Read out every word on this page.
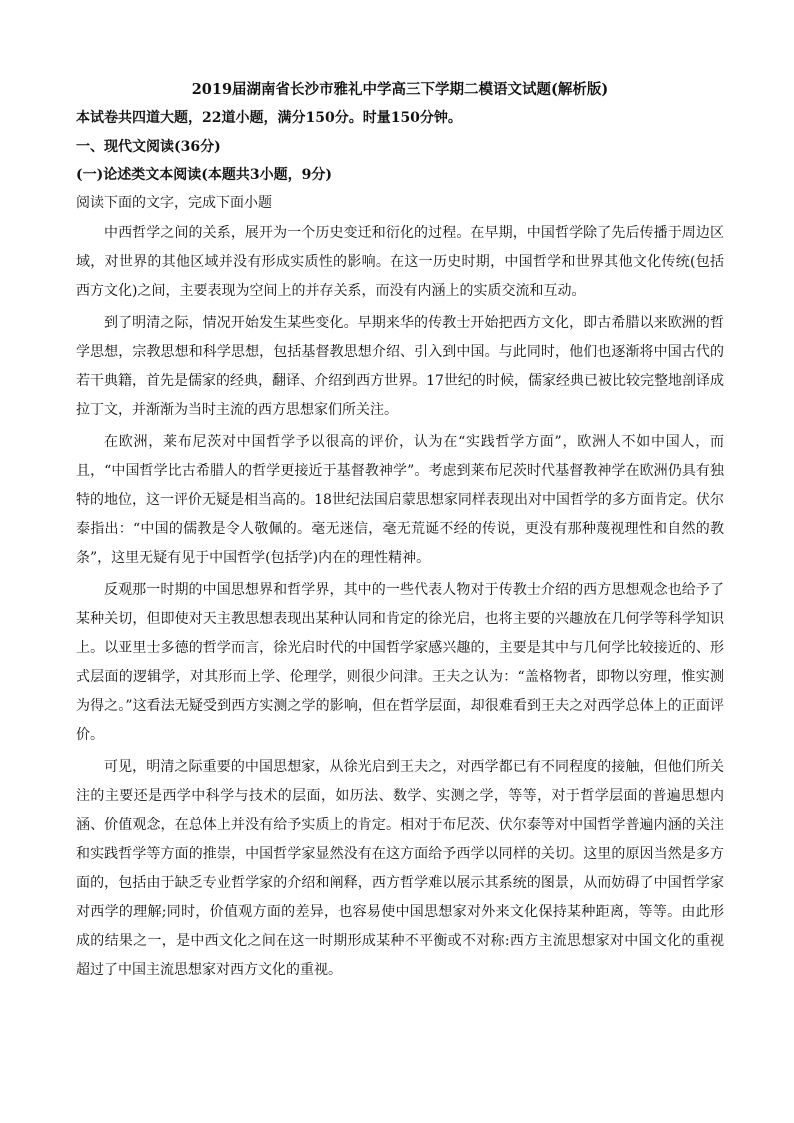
2019届湖南省长沙市雅礼中学高三下学期二模语文试题(解析版)
本试卷共四道大题，22道小题，满分150分。时量150分钟。
一、现代文阅读(36分)
(一)论述类文本阅读(本题共3小题，9分)
阅读下面的文字，完成下面小题

中西哲学之间的关系，展开为一个历史变迁和衍化的过程。在早期，中国哲学除了先后传播于周边区域，对世界的其他区域并没有形成实质性的影响。在这一历史时期，中国哲学和世界其他文化传统(包括西方文化)之间，主要表现为空间上的并存关系，而没有内涵上的实质交流和互动。

到了明清之际，情况开始发生某些变化。早期来华的传教士开始把西方文化，即古希腊以来欧洲的哲学思想，宗教思想和科学思想，包括基督教思想介绍、引入到中国。与此同时，他们也逐渐将中国古代的若干典籍，首先是儒家的经典，翻译、介绍到西方世界。17世纪的时候，儒家经典已被比较完整地剖译成拉丁文，并渐渐为当时主流的西方思想家们所关注。

在欧洲，莱布尼茨对中国哲学予以很高的评价，认为在“实践哲学方面”，欧洲人不如中国人，而且，“中国哲学比古希腊人的哲学更接近于基督教神学”。考虑到莱布尼茨时代基督教神学在欧洲仍具有独特的地位，这一评价无疑是相当高的。18世纪法国启蒙思想家同样表现出对中国哲学的多方面肯定。伏尔泰指出：“中国的儒教是令人敬佩的。毫无迷信，毫无荒诞不经的传说，更没有那种蔑视理性和自然的教条”，这里无疑有见于中国哲学(包括学)内在的理性精神。

反观那一时期的中国思想界和哲学界，其中的一些代表人物对于传教士介绍的西方思想观念也给予了某种关切，但即使对天主教思想表现出某种认同和肯定的徐光启，也将主要的兴趣放在几何学等科学知识上。以亚里士多德的哲学而言，徐光启时代的中国哲学家感兴趣的，主要是其中与几何学比较接近的、形式层面的逻辑学，对其形而上学、伦理学，则很少问津。王夫之认为：“盖格物者，即物以穷理，惟实测为得之。”这看法无疑受到西方实测之学的影响，但在哲学层面，却很难看到王夫之对西学总体上的正面评价。

可见，明清之际重要的中国思想家，从徐光启到王夫之，对西学都已有不同程度的接触，但他们所关注的主要还是西学中科学与技术的层面，如历法、数学、实测之学，等等，对于哲学层面的普遍思想内涵、价值观念，在总体上并没有给予实质上的肯定。相对于布尼茨、伏尔泰等对中国哲学普遍内涵的关注和实践哲学等方面的推崇，中国哲学家显然没有在这方面给予西学以同样的关切。这里的原因当然是多方面的，包括由于缺乏专业哲学家的介绍和阐释，西方哲学难以展示其系统的图景，从而妨碍了中国哲学家对西学的理解;同时，价值观方面的差异，也容易使中国思想家对外来文化保持某种距离，等等。由此形成的结果之一，是中西文化之间在这一时期形成某种不平衡或不对称:西方主流思想家对中国文化的重视超过了中国主流思想家对西方文化的重视。
